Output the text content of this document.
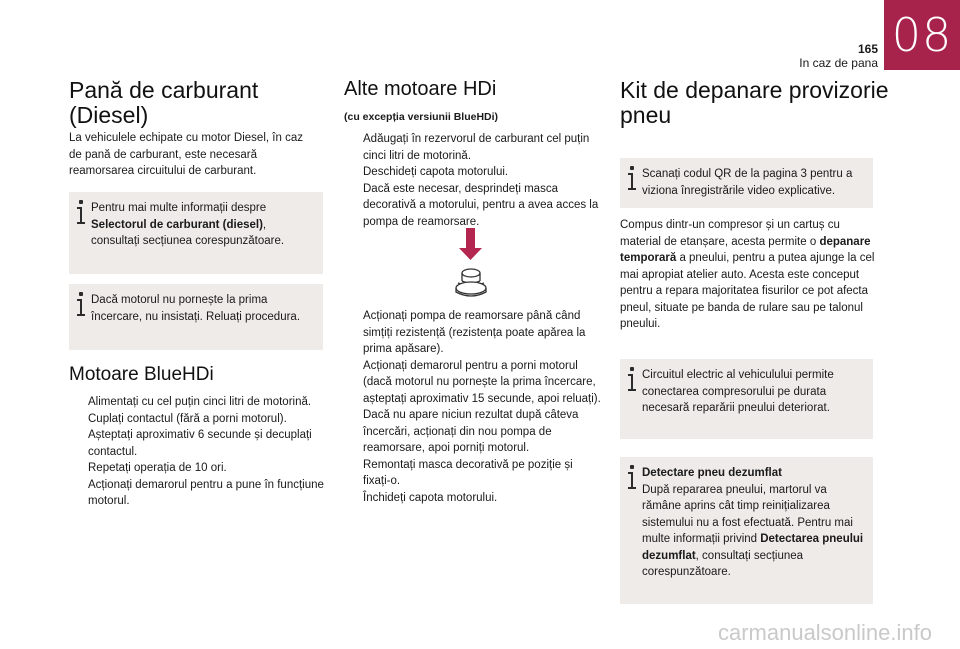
08
165
In caz de pana
Pană de carburant
(Diesel)

La vehiculele echipate cu motor Diesel, în caz de pană de carburant, este necesară reamorsarea circuitului de carburant.

Pentru mai multe informații despre Selectorul de carburant (diesel), consultați secțiunea corespunzătoare.
Dacă motorul nu pornește la prima încercare, nu insistați. Reluați procedura.
Motoare BlueHDi
Alimentați cu cel puțin cinci litri de motorină.
Cuplați contactul (fără a porni motorul).
Așteptați aproximativ 6 secunde și decuplați contactul.
Repetați operația de 10 ori.
Acționați demarorul pentru a pune în funcțiune motorul.
Alte motoare HDi

(cu excepția versiunii BlueHDi)

Adăugați în rezervorul de carburant cel puțin cinci litri de motorină.
Deschideți capota motorului.
Dacă este necesar, desprindeți masca decorativă a motorului, pentru a avea acces la pompa de reamorsare.
Acționați pompa de reamorsare până când simțiți rezistență (rezistența poate apărea la prima apăsare).
Acționați demarorul pentru a porni motorul (dacă motorul nu pornește la prima încercare, așteptați aproximativ 15 secunde, apoi reluați).
Dacă nu apare niciun rezultat după câteva încercări, acționați din nou pompa de reamorsare, apoi porniți motorul.
Remontați masca decorativă pe poziție și fixați-o.
Închideți capota motorului.
Kit de depanare provizorie
pneu
Scanați codul QR de la pagina 3 pentru a viziona înregistrările video explicative.

Compus dintr-un compresor și un cartuș cu material de etanșare, acesta permite o depanare temporară a pneului, pentru a putea ajunge la cel mai apropiat atelier auto. Acesta este conceput pentru a repara majoritatea fisurilor ce pot afecta pneul, situate pe banda de rulare sau pe talonul pneului.

Circuitul electric al vehiculului permite conectarea compresorului pe durata necesară reparării pneului deteriorat.
Detectare pneu dezumflat
După repararea pneului, martorul va rămâne aprins cât timp reinițializarea sistemului nu a fost efectuată. Pentru mai multe informații privind Detectarea pneului dezumflat, consultați secțiunea corespunzătoare.
carmanualsonline.info
